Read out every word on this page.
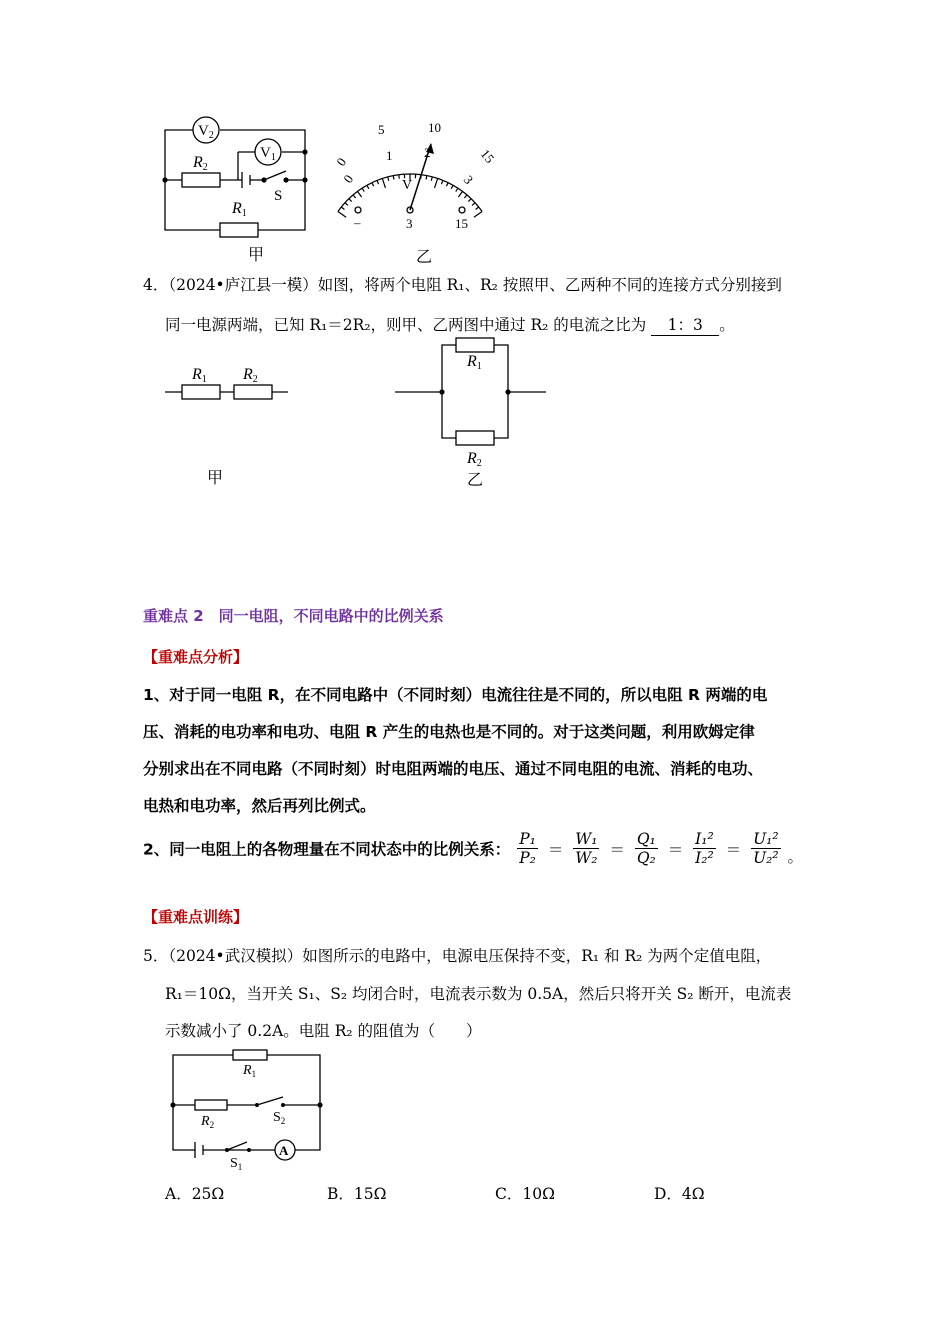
$V_2$
$V_1$
R2
S
R1
甲
0
5	10
15
0
1 2
3
V
–	3	15
乙
4．（2024•庐江县一模）如图，将两个电阻 R₁、R₂ 按照甲、乙两种不同的连接方式分别接到
同一电源两端，已知 R₁＝2R₂，则甲、乙两图中通过 R₂ 的电流之比为 1：3 。
R1 R2
R1
R2
甲	乙
重难点 2　同一电阻，不同电路中的比例关系
【重难点分析】
1、对于同一电阻 R，在不同电路中（不同时刻）电流往往是不同的，所以电阻 R 两端的电
压、消耗的电功率和电功、电阻 R 产生的电热也是不同的。对于这类问题，利用欧姆定律
分别求出在不同电路（不同时刻）时电阻两端的电压、通过不同电阻的电流、消耗的电功、
电热和电功率，然后再列比例式。
2、同一电阻上的各物理量在不同状态中的比例关系： $\frac{\text{P₁}}{\text{P₂}} = \frac{\text{W₁}}{\text{W₂}} = \frac{\text{Q₁}}{\text{Q₂}} = \frac{\text{I₁²}}{\text{I₂²}} = \frac{\text{U₁²}}{\text{U₂²}}$ 。
【重难点训练】
5．（2024•武汉模拟）如图所示的电路中，电源电压保持不变，R₁ 和 R₂ 为两个定值电阻，
R₁＝10Ω，当开关 S₁、S₂ 均闭合时，电流表示数为 0.5A，然后只将开关 S₂ 断开，电流表
示数减小了 0.2A。电阻 R₂ 的阻值为（　　）
$R_1$
$R_2$	$S_2$
$S_1$
A
A．25Ω	B．15Ω	C．10Ω	D．4Ω
